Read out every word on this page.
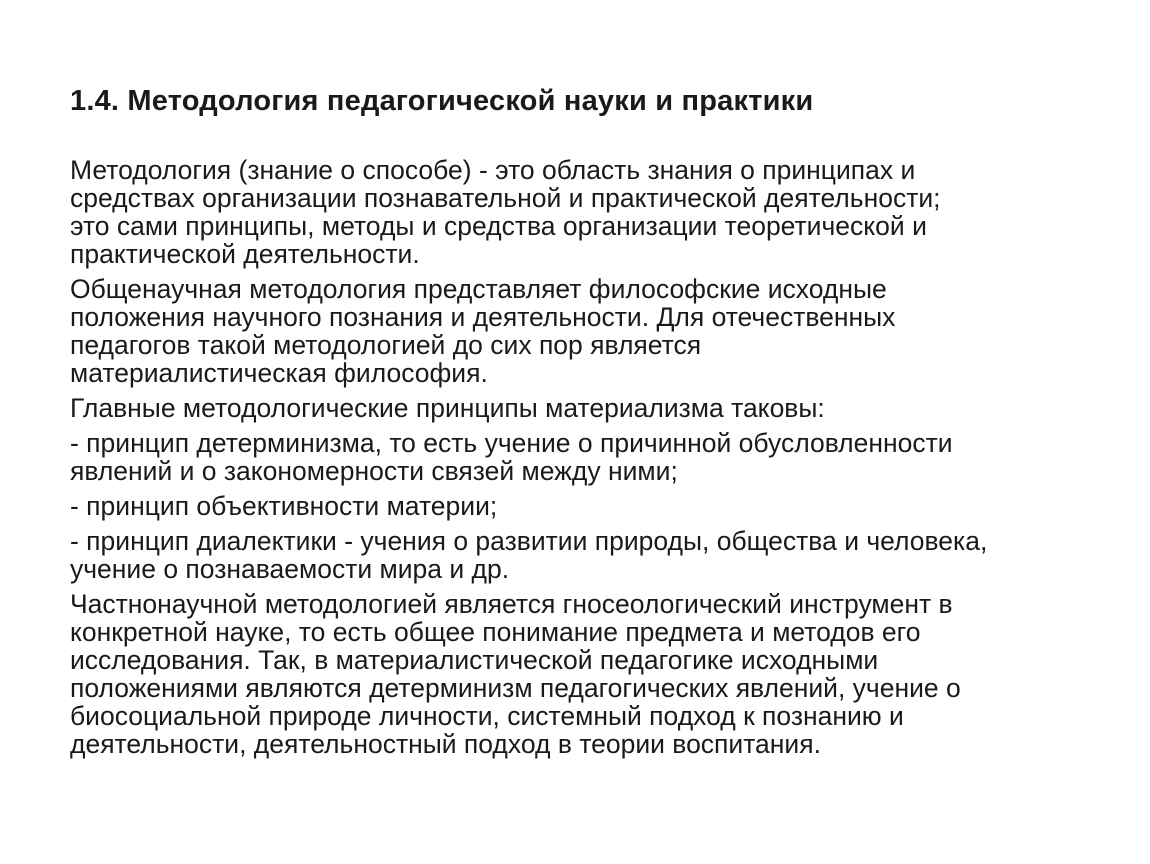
1.4. Методология педагогической науки и практики

Методология (знание о способе) - это область знания о принципах и
средствах организации познавательной и практической деятельности;
это сами принципы, методы и средства организации теоретической и
практической деятельности.

Общенаучная методология представляет философские исходные
положения научного познания и деятельности. Для отечественных
педагогов такой методологией до сих пор является
материалистическая философия.

Главные методологические принципы материализма таковы:

- принцип детерминизма, то есть учение о причинной обусловленности
явлений и о закономерности связей между ними;

- принцип объективности материи;

- принцип диалектики - учения о развитии природы, общества и человека,
учение о познаваемости мира и др.

Частнонаучной методологией является гносеологический инструмент в
конкретной науке, то есть общее понимание предмета и методов его
исследования. Так, в материалистической педагогике исходными
положениями являются детерминизм педагогических явлений, учение о
биосоциальной природе личности, системный подход к познанию и
деятельности, деятельностный подход в теории воспитания.
